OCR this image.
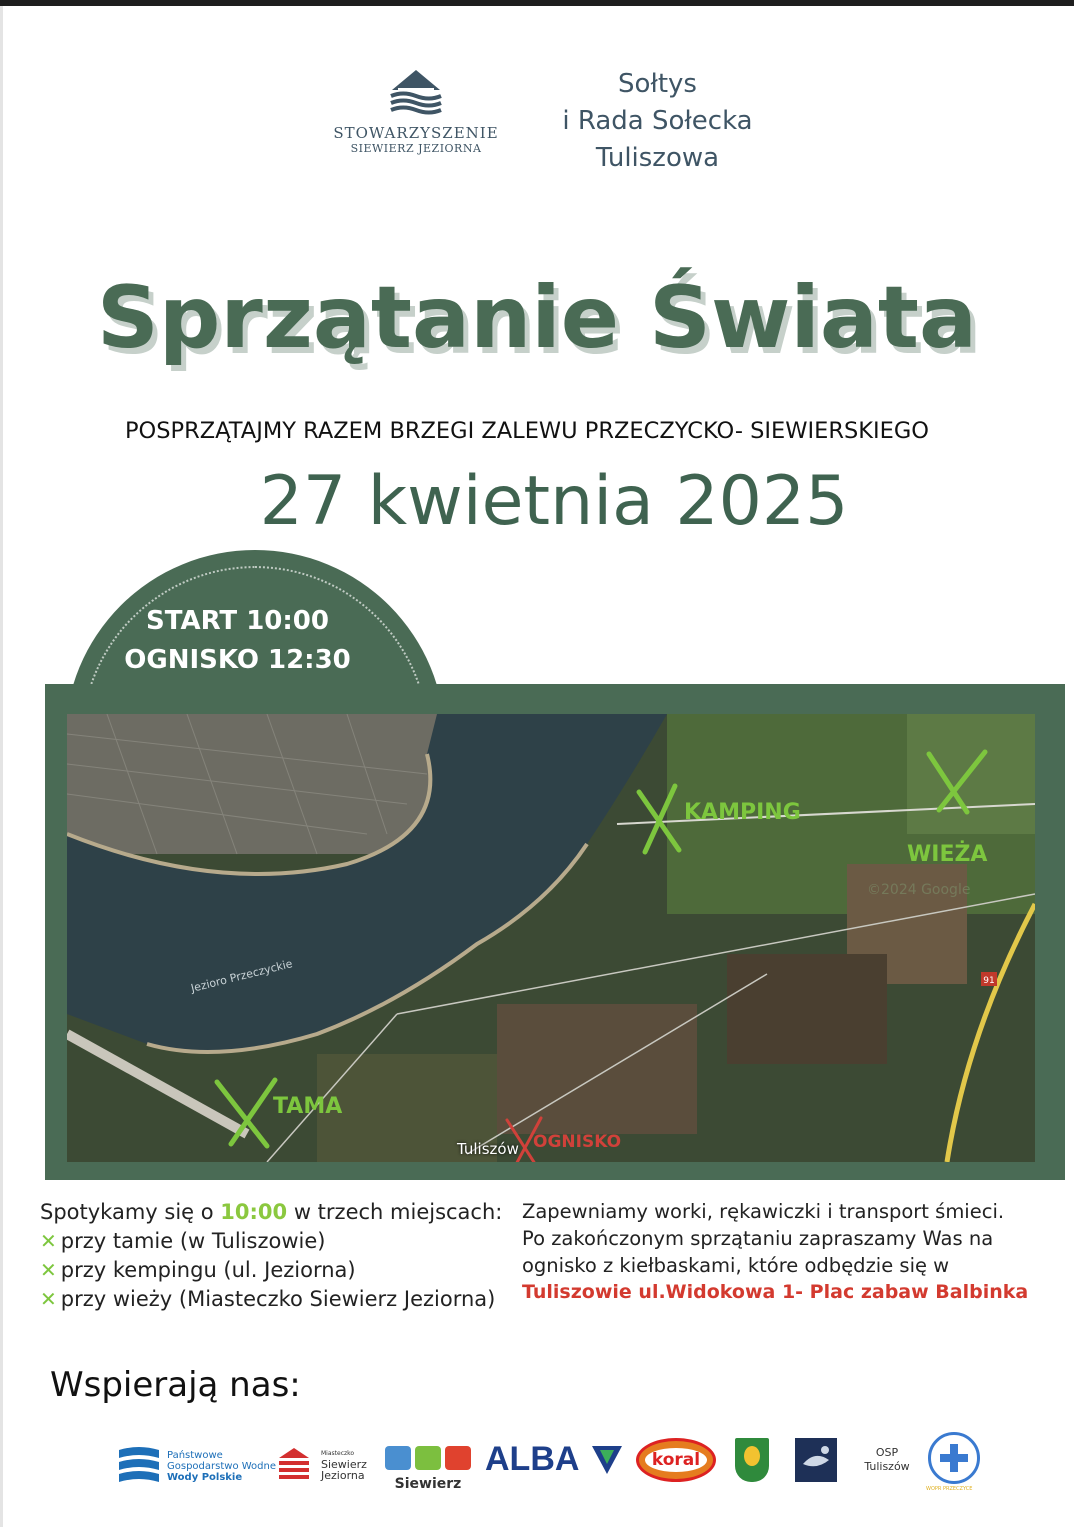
STOWARZYSZENIE
SIEWIERZ JEZIORNA
Sołtys
i Rada Sołecka
Tuliszowa
Sprzątanie Świata
POSPRZĄTAJMY RAZEM BRZEGI ZALEWU PRZECZYCKO- SIEWIERSKIEGO
27 kwietnia 2025
START 10:00
OGNISKO 12:30
91
Jezioro Przeczyckie
©2024 Google
KAMPING
WIEŻA
TAMA
OGNISKO
Tuliszów
Spotykamy się o 10:00 w trzech miejscach:
✕ przy tamie (w Tuliszowie)
✕ przy kempingu (ul. Jeziorna)
✕ przy wieży (Miasteczko Siewierz Jeziorna)
Zapewniamy worki, rękawiczki i transport śmieci.
Po zakończonym sprzątaniu zapraszamy Was na
ognisko z kiełbaskami, które odbędzie się w
Tuliszowie ul.Widokowa 1- Plac zabaw Balbinka
Wspierają nas:
Państwowe
Gospodarstwo Wodne
Wody Polskie
Miasteczko
Siewierz
Jeziorna
Siewierz
ALBA	koral	OSP
Tuliszów
WOPR PRZECZYCE
